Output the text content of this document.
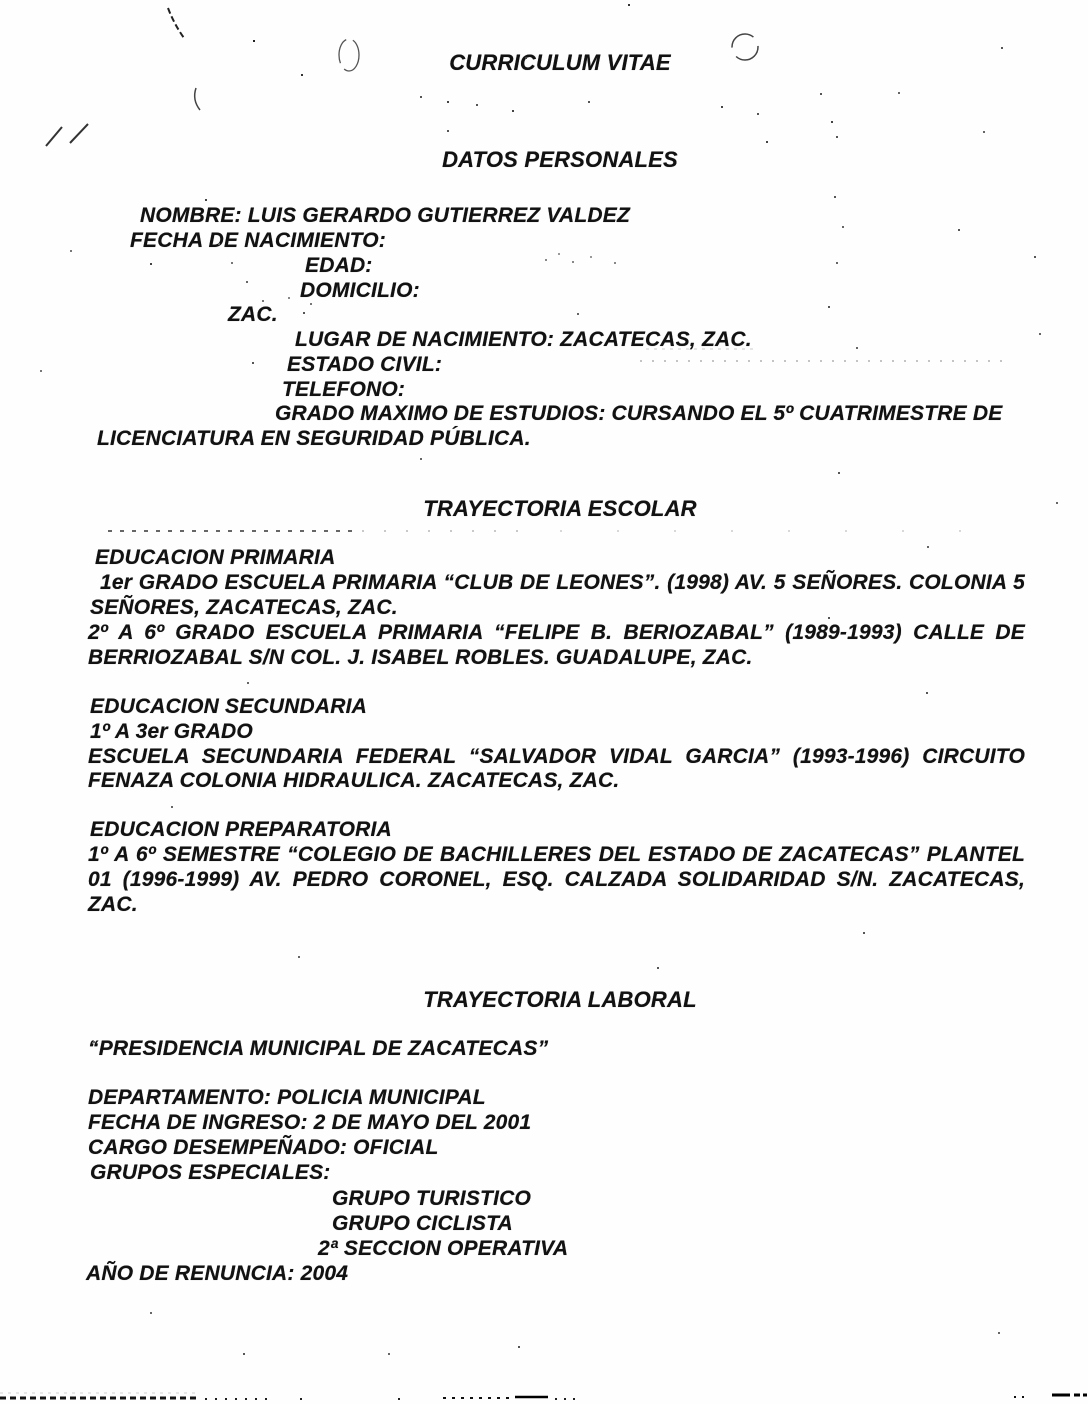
CURRICULUM VITAE
DATOS PERSONALES
NOMBRE: LUIS GERARDO GUTIERREZ VALDEZ
FECHA DE NACIMIENTO:
EDAD:
DOMICILIO:
ZAC.
LUGAR DE NACIMIENTO: ZACATECAS, ZAC.
ESTADO CIVIL:
TELEFONO:
GRADO MAXIMO DE ESTUDIOS: CURSANDO EL 5º CUATRIMESTRE DE
LICENCIATURA EN SEGURIDAD PÚBLICA.
TRAYECTORIA ESCOLAR
EDUCACION PRIMARIA
1er GRADO ESCUELA PRIMARIA “CLUB DE LEONES”. (1998) AV. 5 SEÑORES. COLONIA 5
SEÑORES, ZACATECAS, ZAC.
2º A 6º GRADO ESCUELA PRIMARIA “FELIPE B. BERIOZABAL” (1989-1993) CALLE DE
BERRIOZABAL S/N COL. J. ISABEL ROBLES. GUADALUPE, ZAC.
EDUCACION SECUNDARIA
1º A 3er GRADO
ESCUELA SECUNDARIA FEDERAL “SALVADOR VIDAL GARCIA” (1993-1996) CIRCUITO
FENAZA COLONIA HIDRAULICA. ZACATECAS, ZAC.
EDUCACION PREPARATORIA
1º A 6º SEMESTRE “COLEGIO DE BACHILLERES DEL ESTADO DE ZACATECAS” PLANTEL
01 (1996-1999) AV. PEDRO CORONEL, ESQ. CALZADA SOLIDARIDAD S/N. ZACATECAS,
ZAC.
TRAYECTORIA LABORAL
“PRESIDENCIA MUNICIPAL DE ZACATECAS”
DEPARTAMENTO: POLICIA MUNICIPAL
FECHA DE INGRESO: 2 DE MAYO DEL 2001
CARGO DESEMPEÑADO: OFICIAL
GRUPOS ESPECIALES:
GRUPO TURISTICO
GRUPO CICLISTA
2ª SECCION OPERATIVA
AÑO DE RENUNCIA: 2004
